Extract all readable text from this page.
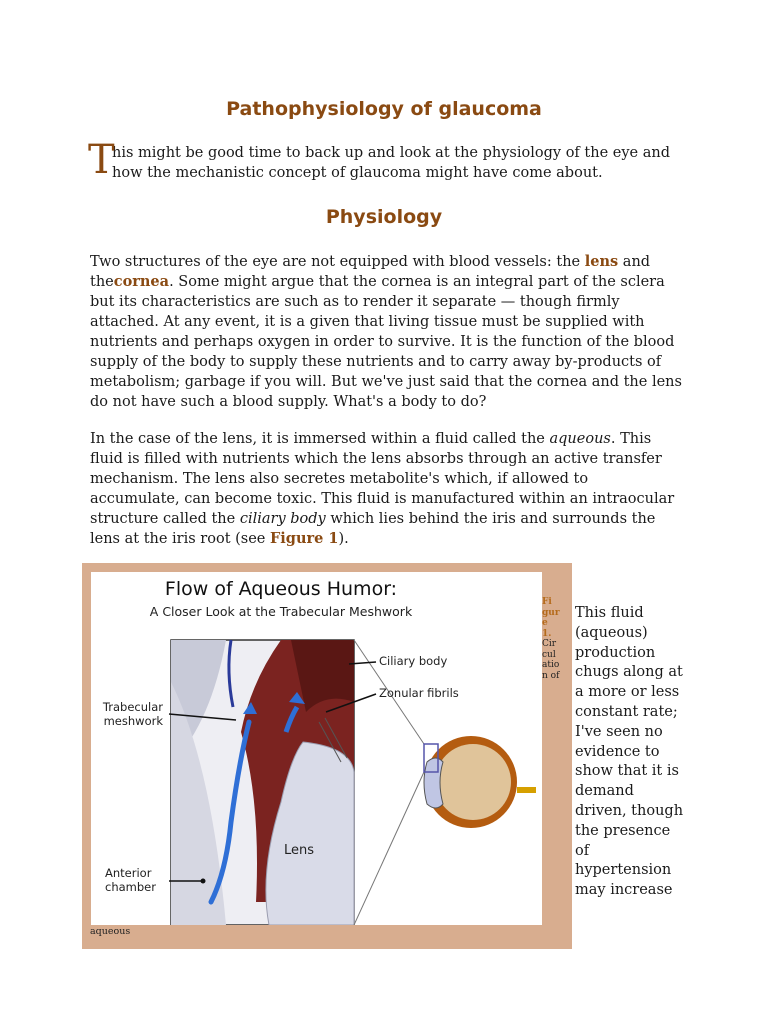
Pathophysiology of glaucoma
T
his might be good time to back up and look at the physiology of the eye and how the mechanistic concept of glaucoma might have come about.
Physiology
Two structures of the eye are not equipped with blood vessels: the lens and thecornea. Some might argue that the cornea is an integral part of the sclera but its characteristics are such as to render it separate — though firmly attached. At any event, it is a given that living tissue must be supplied with nutrients and perhaps oxygen in order to survive. It is the function of the blood supply of the body to supply these nutrients and to carry away by-products of metabolism; garbage if you will. But we've just said that the cornea and the lens do not have such a blood supply. What's a body to do?
In the case of the lens, it is immersed within a fluid called the aqueous. This fluid is filled with nutrients which the lens absorbs through an active transfer mechanism. The lens also secretes metabolite's which, if allowed to accumulate, can become toxic. This fluid is manufactured within an intraocular structure called the ciliary body which lies behind the iris and surrounds the lens at the iris root (see Figure 1).
Flow of Aqueous Humor:
A Closer Look at the Trabecular Meshwork
Ciliary body
Zonular fibrils
Trabecular
meshwork
Lens
Anterior
chamber
Fi
gur
e
1.
Cir
cul
atio
n of
aqueous
This fluid (aqueous) production chugs along at a more or less constant rate; I've seen no evidence to show that it is demand driven, though the presence of hypertension may increase
